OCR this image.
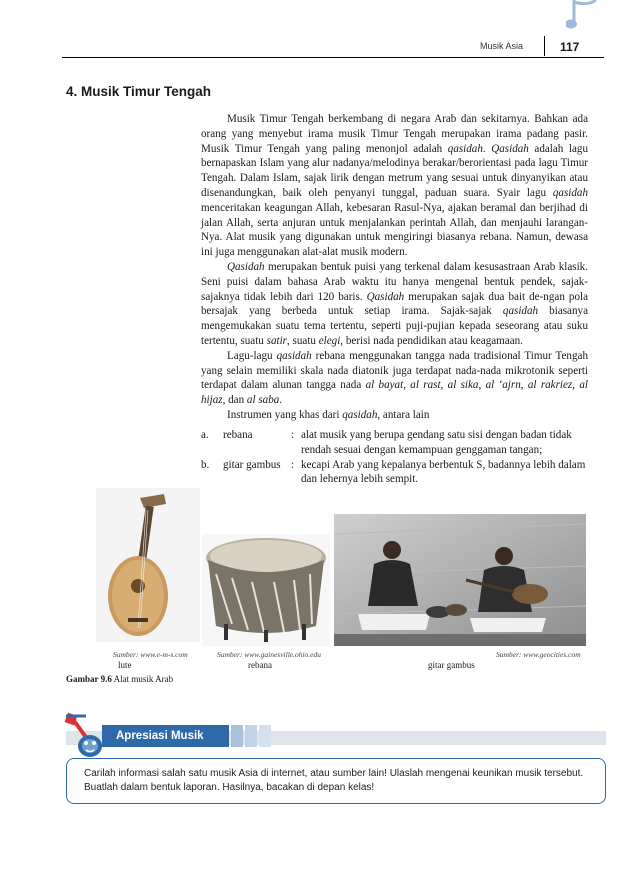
Musik Asia	117
4. Musik Timur Tengah

Musik Timur Tengah berkembang di negara Arab dan sekitarnya. Bahkan ada orang yang menyebut irama musik Timur Tengah merupakan irama padang pasir. Musik Timur Tengah yang paling menonjol adalah qasidah. Qasidah adalah lagu bernapaskan Islam yang alur nadanya/melodinya berakar/berorientasi pada lagu Timur Tengah. Dalam Islam, sajak lirik dengan metrum yang sesuai untuk dinyanyikan atau disenandungkan, baik oleh penyanyi tunggal, paduan suara. Syair lagu qasidah menceritakan keagungan Allah, kebesaran Rasul-Nya, ajakan beramal dan berjihad di jalan Allah, serta anjuran untuk menjalankan perintah Allah, dan menjauhi larangan-Nya. Alat musik yang digunakan untuk mengiringi biasanya rebana. Namun, dewasa ini juga menggunakan alat-alat musik modern.

Qasidah merupakan bentuk puisi yang terkenal dalam kesusastraan Arab klasik. Seni puisi dalam bahasa Arab waktu itu hanya mengenal bentuk pendek, sajak-sajaknya tidak lebih dari 120 baris. Qasidah merupakan sajak dua bait de-ngan pola bersajak yang berbeda untuk setiap irama. Sajak-sajak qasidah biasanya mengemukakan suatu tema tertentu, seperti puji-pujian kepada seseorang atau suku tertentu, suatu satir, suatu elegi, berisi nada pendidikan atau keagamaan.

Lagu-lagu qasidah rebana menggunakan tangga nada tradisional Timur Tengah yang selain memiliki skala nada diatonik juga terdapat nada-nada mikrotonik seperti terdapat dalam alunan tangga nada al bayat, al rast, al sika, al ‘ajrn, al rakriez, al hijaz, dan al saba.

Instrumen yang khas dari qasidah, antara lain

a.	rebana	: alat musik yang berupa gendang satu sisi dengan badan tidak rendah sesuai dengan kemampuan genggaman tangan;
b.	gitar gambus : kecapi Arab yang kepalanya berbentuk S, badannya lebih dalam dan lehernya lebih sempit.
Sumber: www.e-m-s.com
lute
Sumber: www.gainesville.ohio.edu
rebana
Sumber: www.geocities.com
gitar gambus
Gambar 9.6 Alat musik Arab
Apresiasi Musik
Carilah informasi salah satu musik Asia di internet, atau sumber lain! Ulaslah mengenai keunikan musik tersebut. Buatlah dalam bentuk laporan. Hasilnya, bacakan di depan kelas!
